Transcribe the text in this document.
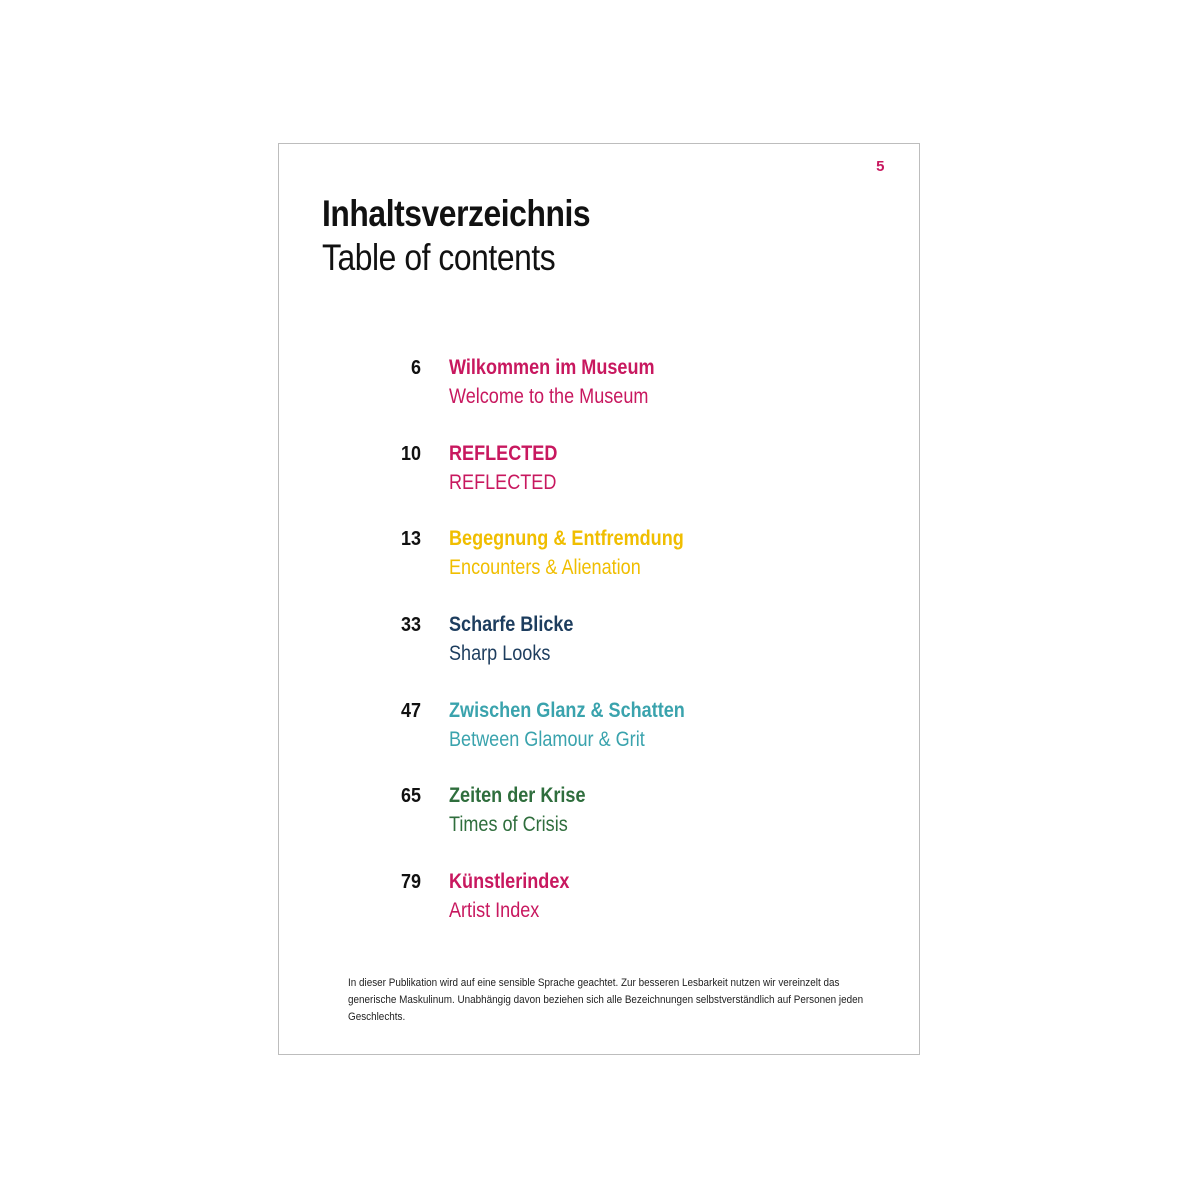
5
Inhaltsverzeichnis
Table of contents
6 Wilkommen im Museum
Welcome to the Museum
10 REFLECTED
REFLECTED
13 Begegnung & Entfremdung
Encounters & Alienation
33 Scharfe Blicke
Sharp Looks
47 Zwischen Glanz & Schatten
Between Glamour & Grit
65 Zeiten der Krise
Times of Crisis
79 Künstlerindex
Artist Index
In dieser Publikation wird auf eine sensible Sprache geachtet. Zur besseren Lesbarkeit nutzen wir vereinzelt das generische Maskulinum. Unabhängig davon beziehen sich alle Bezeichnungen selbstverständlich auf Personen jeden Geschlechts.
